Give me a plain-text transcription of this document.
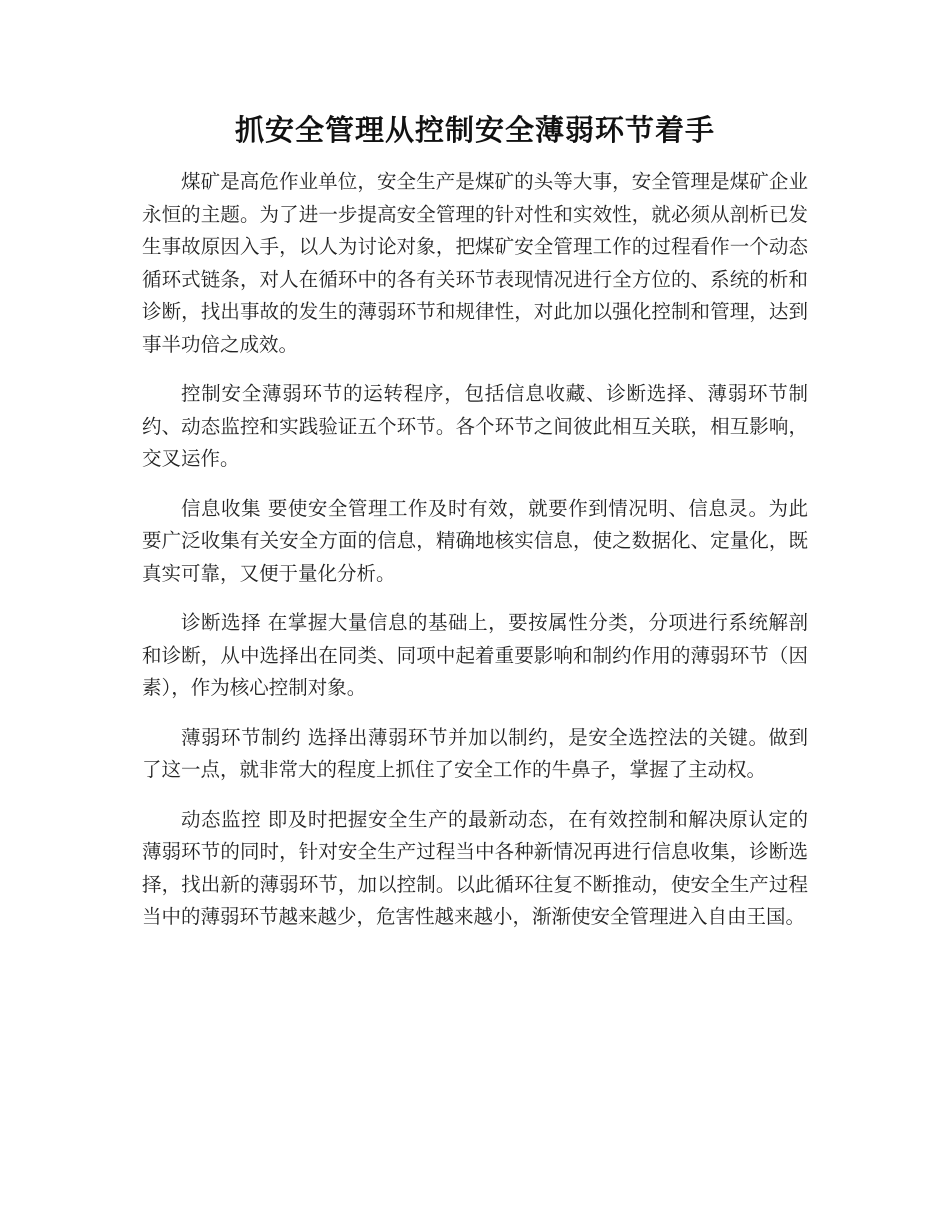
抓安全管理从控制安全薄弱环节着手

煤矿是高危作业单位，安全生产是煤矿的头等大事，安全管理是煤矿企业永恒的主题。为了进一步提高安全管理的针对性和实效性，就必须从剖析已发生事故原因入手，以人为讨论对象，把煤矿安全管理工作的过程看作一个动态循环式链条，对人在循环中的各有关环节表现情况进行全方位的、系统的析和诊断，找出事故的发生的薄弱环节和规律性，对此加以强化控制和管理，达到事半功倍之成效。

控制安全薄弱环节的运转程序，包括信息收藏、诊断选择、薄弱环节制约、动态监控和实践验证五个环节。各个环节之间彼此相互关联，相互影响，交叉运作。

信息收集 要使安全管理工作及时有效，就要作到情况明、信息灵。为此要广泛收集有关安全方面的信息，精确地核实信息，使之数据化、定量化，既真实可靠，又便于量化分析。

诊断选择 在掌握大量信息的基础上，要按属性分类，分项进行系统解剖和诊断，从中选择出在同类、同项中起着重要影响和制约作用的薄弱环节（因素），作为核心控制对象。

薄弱环节制约 选择出薄弱环节并加以制约，是安全选控法的关键。做到了这一点，就非常大的程度上抓住了安全工作的牛鼻子，掌握了主动权。

动态监控 即及时把握安全生产的最新动态，在有效控制和解决原认定的薄弱环节的同时，针对安全生产过程当中各种新情况再进行信息收集，诊断选择，找出新的薄弱环节，加以控制。以此循环往复不断推动，使安全生产过程当中的薄弱环节越来越少，危害性越来越小，渐渐使安全管理进入自由王国。
